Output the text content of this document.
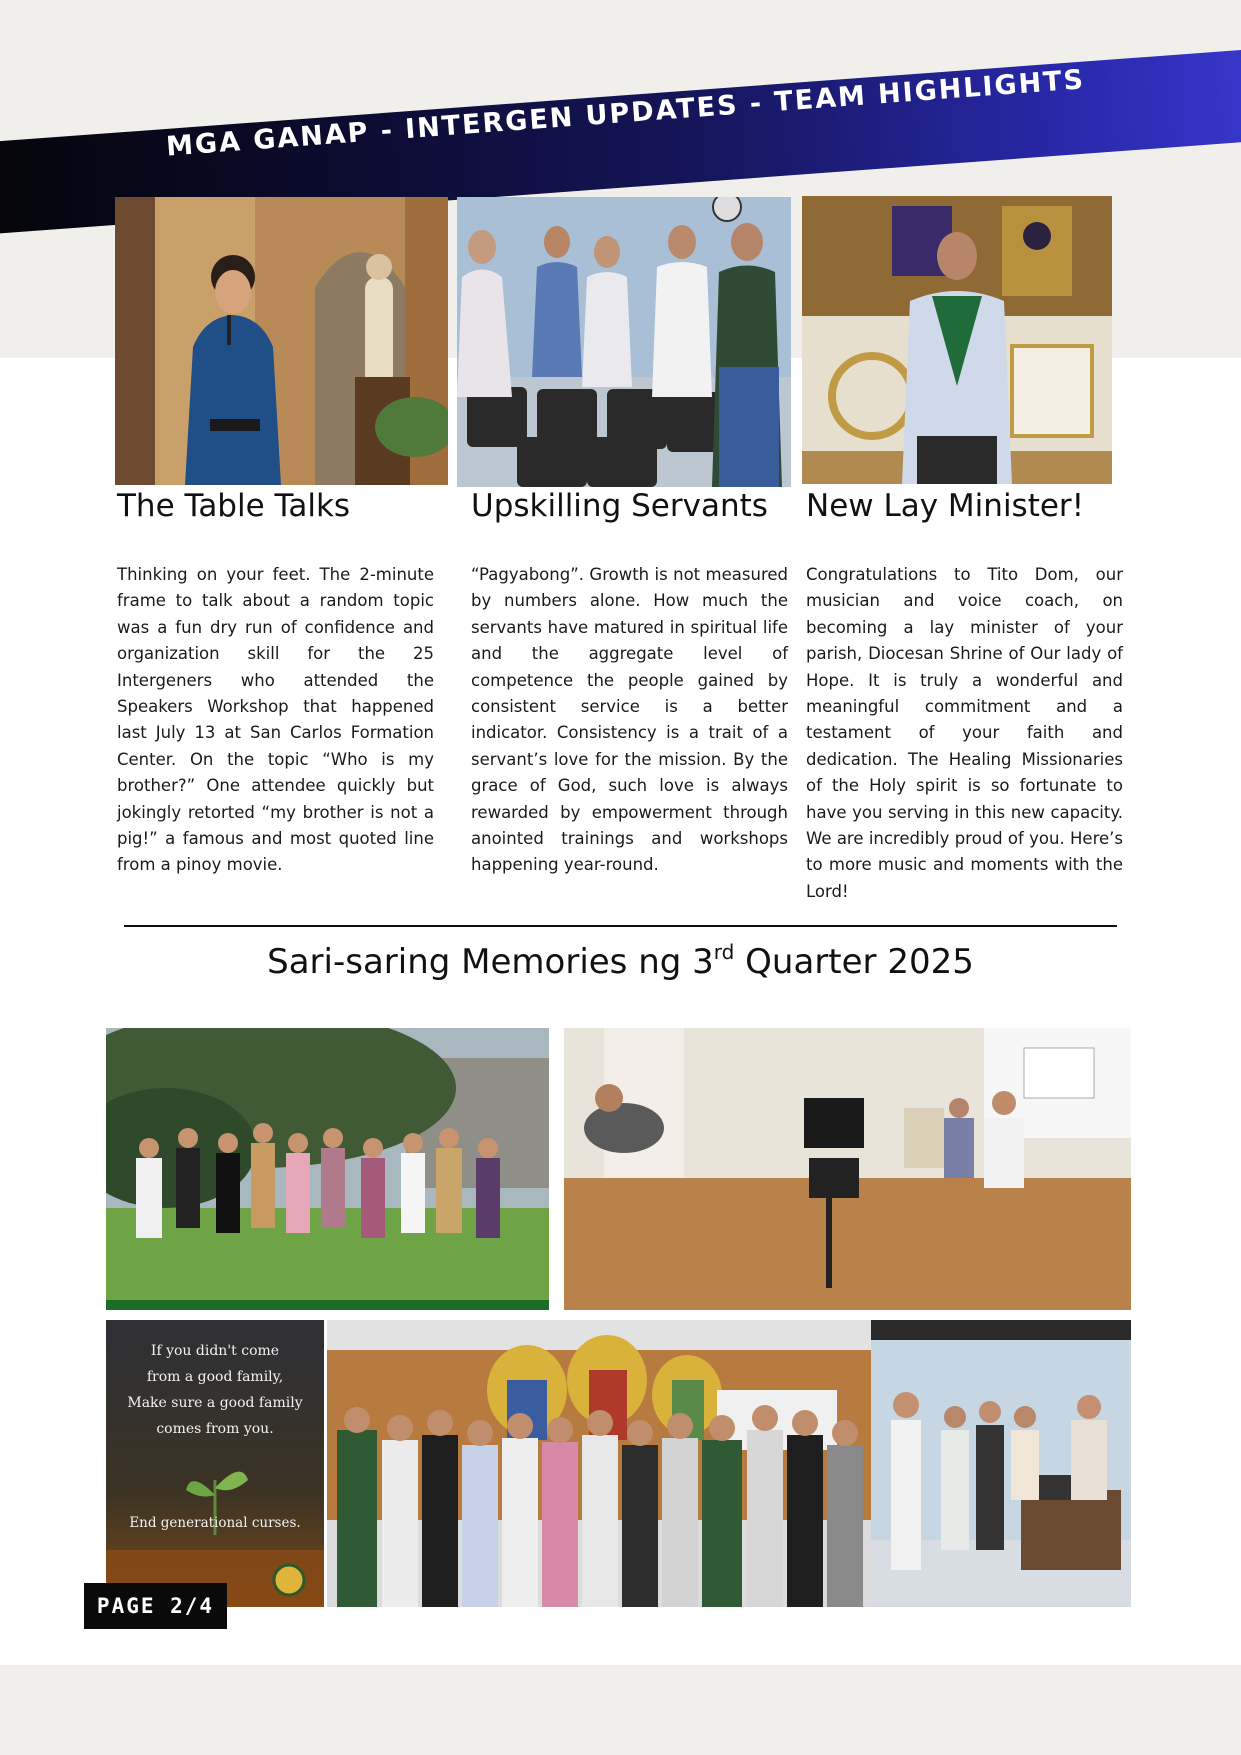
MGA GANAP - INTERGEN UPDATES - TEAM HIGHLIGHTS
The Table Talks	Upskilling Servants New Lay Minister!
Thinking on your feet. The 2-minute frame to talk about a random topic was a fun dry run of confidence and organization skill for the 25 Intergeners who attended the Speakers Workshop that happened last July 13 at San Carlos Formation Center. On the topic “Who is my brother?” One attendee quickly but jokingly retorted “my brother is not a pig!” a famous and most quoted line from a pinoy movie.
“Pagyabong”. Growth is not measured by numbers alone. How much the servants have matured in spiritual life and the aggregate level of competence the people gained by consistent service is a better indicator. Consistency is a trait of a servant’s love for the mission. By the grace of God, such love is always rewarded by empowerment through anointed trainings and workshops happening year-round.
Congratulations to Tito Dom, our musician and voice coach, on becoming a lay minister of your parish, Diocesan Shrine of Our lady of Hope. It is truly a wonderful and meaningful commitment and a testament of your faith and dedication. The Healing Missionaries of the Holy spirit is so fortunate to have you serving in this new capacity. We are incredibly proud of you. Here’s to more music and moments with the Lord!
Sari-saring Memories ng 3rd Quarter 2025
If you didn't come
from a good family,
Make sure a good family
comes from you.
End generational curses.
PAGE 2/4
